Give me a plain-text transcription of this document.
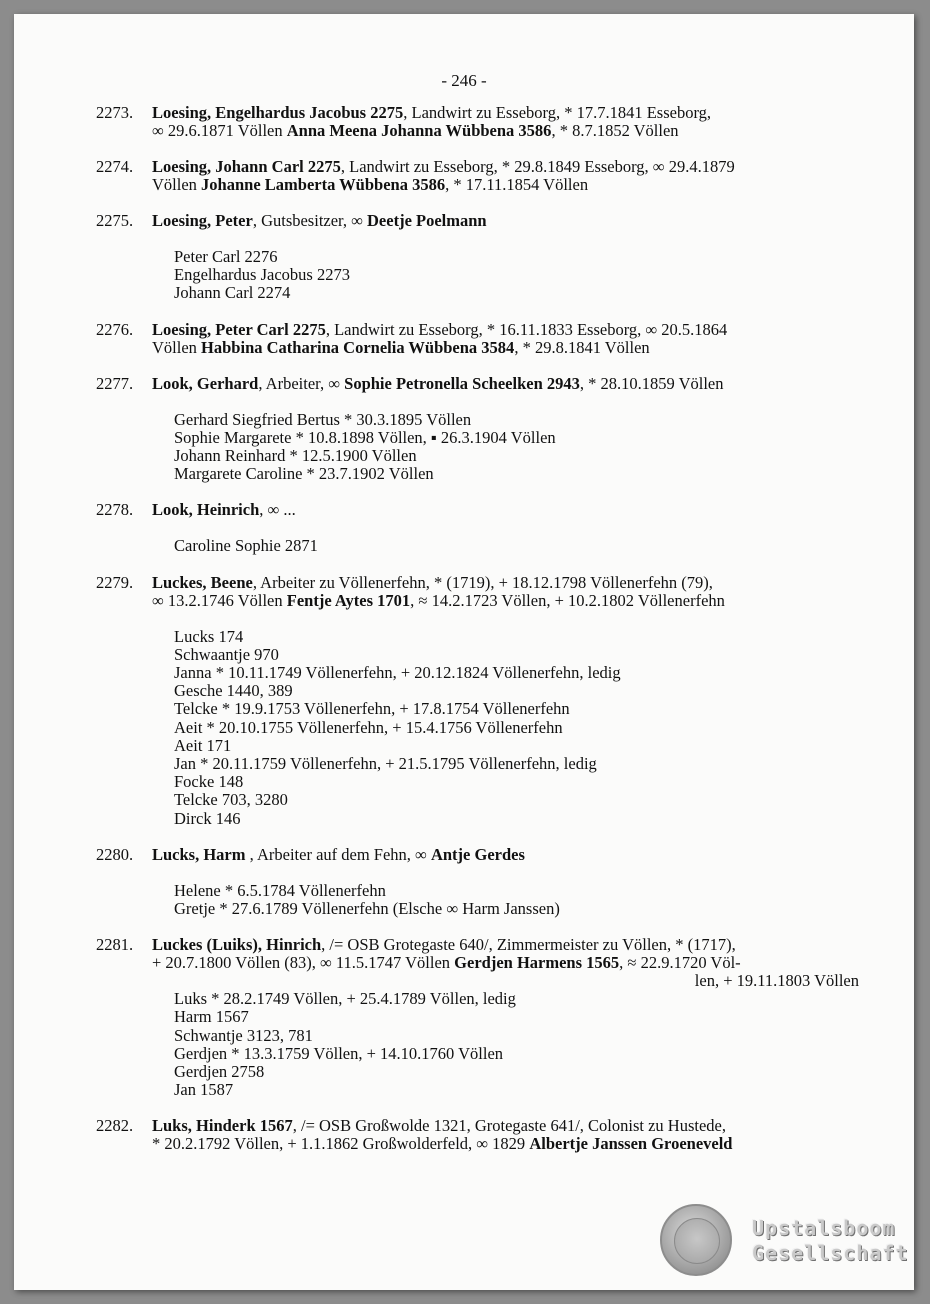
- 246 -
2273. Loesing, Engelhardus Jacobus 2275, Landwirt zu Esseborg, * 17.7.1841 Esseborg,
∞ 29.6.1871 Völlen Anna Meena Johanna Wübbena 3586, * 8.7.1852 Völlen
2274. Loesing, Johann Carl 2275, Landwirt zu Esseborg, * 29.8.1849 Esseborg, ∞ 29.4.1879
Völlen Johanne Lamberta Wübbena 3586, * 17.11.1854 Völlen
2275. Loesing, Peter, Gutsbesitzer, ∞ Deetje Poelmann
Peter Carl 2276
Engelhardus Jacobus 2273
Johann Carl 2274
2276. Loesing, Peter Carl 2275, Landwirt zu Esseborg, * 16.11.1833 Esseborg, ∞ 20.5.1864
Völlen Habbina Catharina Cornelia Wübbena 3584, * 29.8.1841 Völlen
2277. Look, Gerhard, Arbeiter, ∞ Sophie Petronella Scheelken 2943, * 28.10.1859 Völlen
Gerhard Siegfried Bertus * 30.3.1895 Völlen
Sophie Margarete * 10.8.1898 Völlen, ▪ 26.3.1904 Völlen
Johann Reinhard * 12.5.1900 Völlen
Margarete Caroline * 23.7.1902 Völlen
2278. Look, Heinrich, ∞ ...
Caroline Sophie 2871
2279. Luckes, Beene, Arbeiter zu Völlenerfehn, * (1719), + 18.12.1798 Völlenerfehn (79),
∞ 13.2.1746 Völlen Fentje Aytes 1701, ≈ 14.2.1723 Völlen, + 10.2.1802 Völlenerfehn
Lucks 174
Schwaantje 970
Janna * 10.11.1749 Völlenerfehn, + 20.12.1824 Völlenerfehn, ledig
Gesche 1440, 389
Telcke * 19.9.1753 Völlenerfehn, + 17.8.1754 Völlenerfehn
Aeit * 20.10.1755 Völlenerfehn, + 15.4.1756 Völlenerfehn
Aeit 171
Jan * 20.11.1759 Völlenerfehn, + 21.5.1795 Völlenerfehn, ledig
Focke 148
Telcke 703, 3280
Dirck 146
2280. Lucks, Harm , Arbeiter auf dem Fehn, ∞ Antje Gerdes
Helene * 6.5.1784 Völlenerfehn
Gretje * 27.6.1789 Völlenerfehn (Elsche ∞ Harm Janssen)
2281. Luckes (Luiks), Hinrich, /= OSB Grotegaste 640/, Zimmermeister zu Völlen, * (1717),
+ 20.7.1800 Völlen (83), ∞ 11.5.1747 Völlen Gerdjen Harmens 1565, ≈ 22.9.1720 Völ-
len, + 19.11.1803 Völlen
Luks * 28.2.1749 Völlen, + 25.4.1789 Völlen, ledig
Harm 1567
Schwantje 3123, 781
Gerdjen * 13.3.1759 Völlen, + 14.10.1760 Völlen
Gerdjen 2758
Jan 1587
2282. Luks, Hinderk 1567, /= OSB Großwolde 1321, Grotegaste 641/, Colonist zu Hustede,
* 20.2.1792 Völlen, + 1.1.1862 Großwolderfeld, ∞ 1829 Albertje Janssen Groeneveld
Upstalsboom
Gesellschaft
